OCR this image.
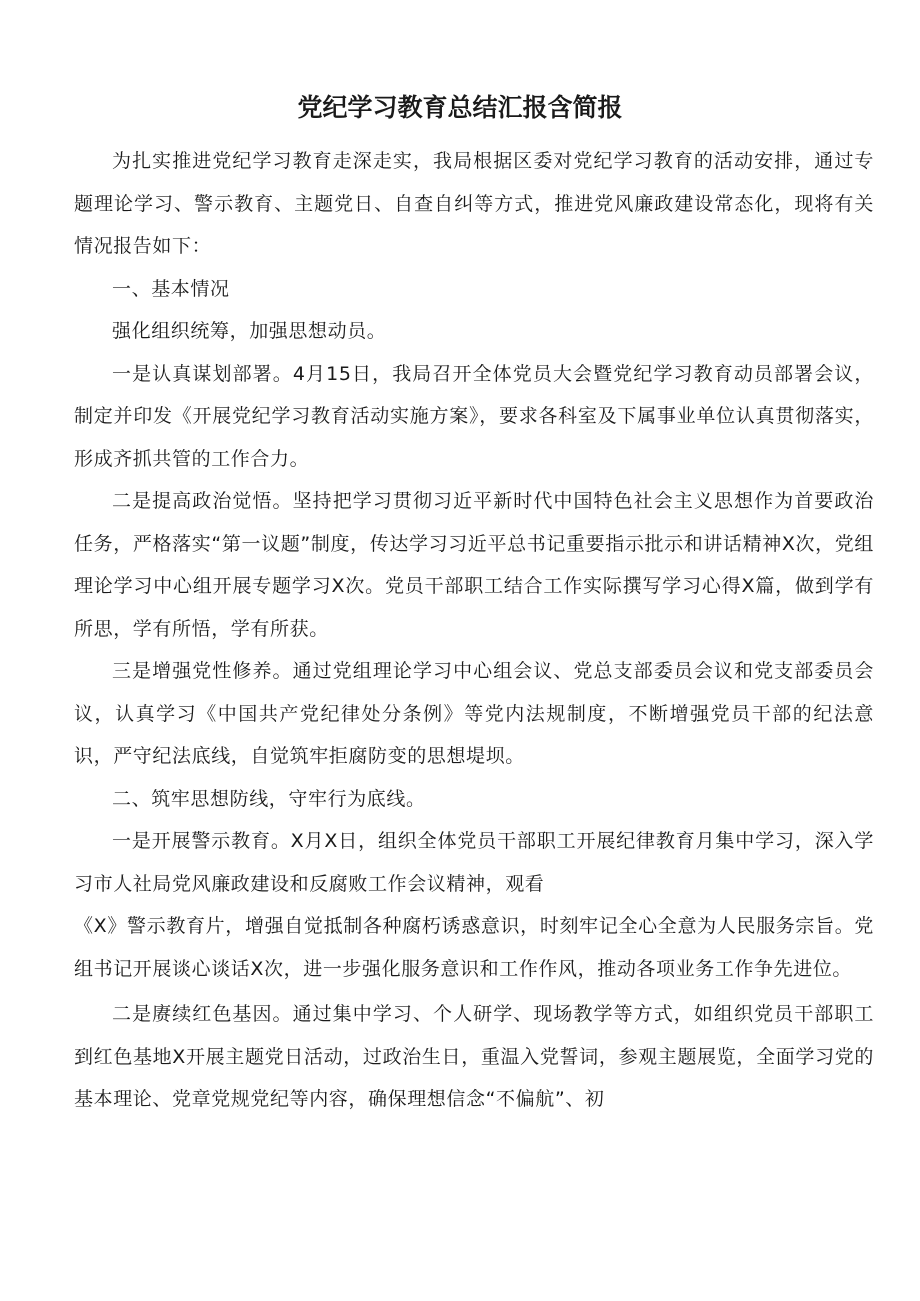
党纪学习教育总结汇报含简报

为扎实推进党纪学习教育走深走实，我局根据区委对党纪学习教育的活动安排，通过专题理论学习、警示教育、主题党日、自查自纠等方式，推进党风廉政建设常态化，现将有关情况报告如下：

一、基本情况

强化组织统筹，加强思想动员。

一是认真谋划部署。4月15日，我局召开全体党员大会暨党纪学习教育动员部署会议，制定并印发《开展党纪学习教育活动实施方案》，要求各科室及下属事业单位认真贯彻落实，形成齐抓共管的工作合力。

二是提高政治觉悟。坚持把学习贯彻习近平新时代中国特色社会主义思想作为首要政治任务，严格落实“第一议题”制度，传达学习习近平总书记重要指示批示和讲话精神X次，党组理论学习中心组开展专题学习X次。党员干部职工结合工作实际撰写学习心得X篇，做到学有所思，学有所悟，学有所获。

三是增强党性修养。通过党组理论学习中心组会议、党总支部委员会议和党支部委员会议，认真学习《中国共产党纪律处分条例》等党内法规制度，不断增强党员干部的纪法意识，严守纪法底线，自觉筑牢拒腐防变的思想堤坝。

二、筑牢思想防线，守牢行为底线。

一是开展警示教育。X月X日，组织全体党员干部职工开展纪律教育月集中学习，深入学习市人社局党风廉政建设和反腐败工作会议精神，观看

《X》警示教育片，增强自觉抵制各种腐朽诱惑意识，时刻牢记全心全意为人民服务宗旨。党组书记开展谈心谈话X次，进一步强化服务意识和工作作风，推动各项业务工作争先进位。

二是赓续红色基因。通过集中学习、个人研学、现场教学等方式，如组织党员干部职工到红色基地X开展主题党日活动，过政治生日，重温入党誓词，参观主题展览，全面学习党的基本理论、党章党规党纪等内容，确保理想信念“不偏航”、初
